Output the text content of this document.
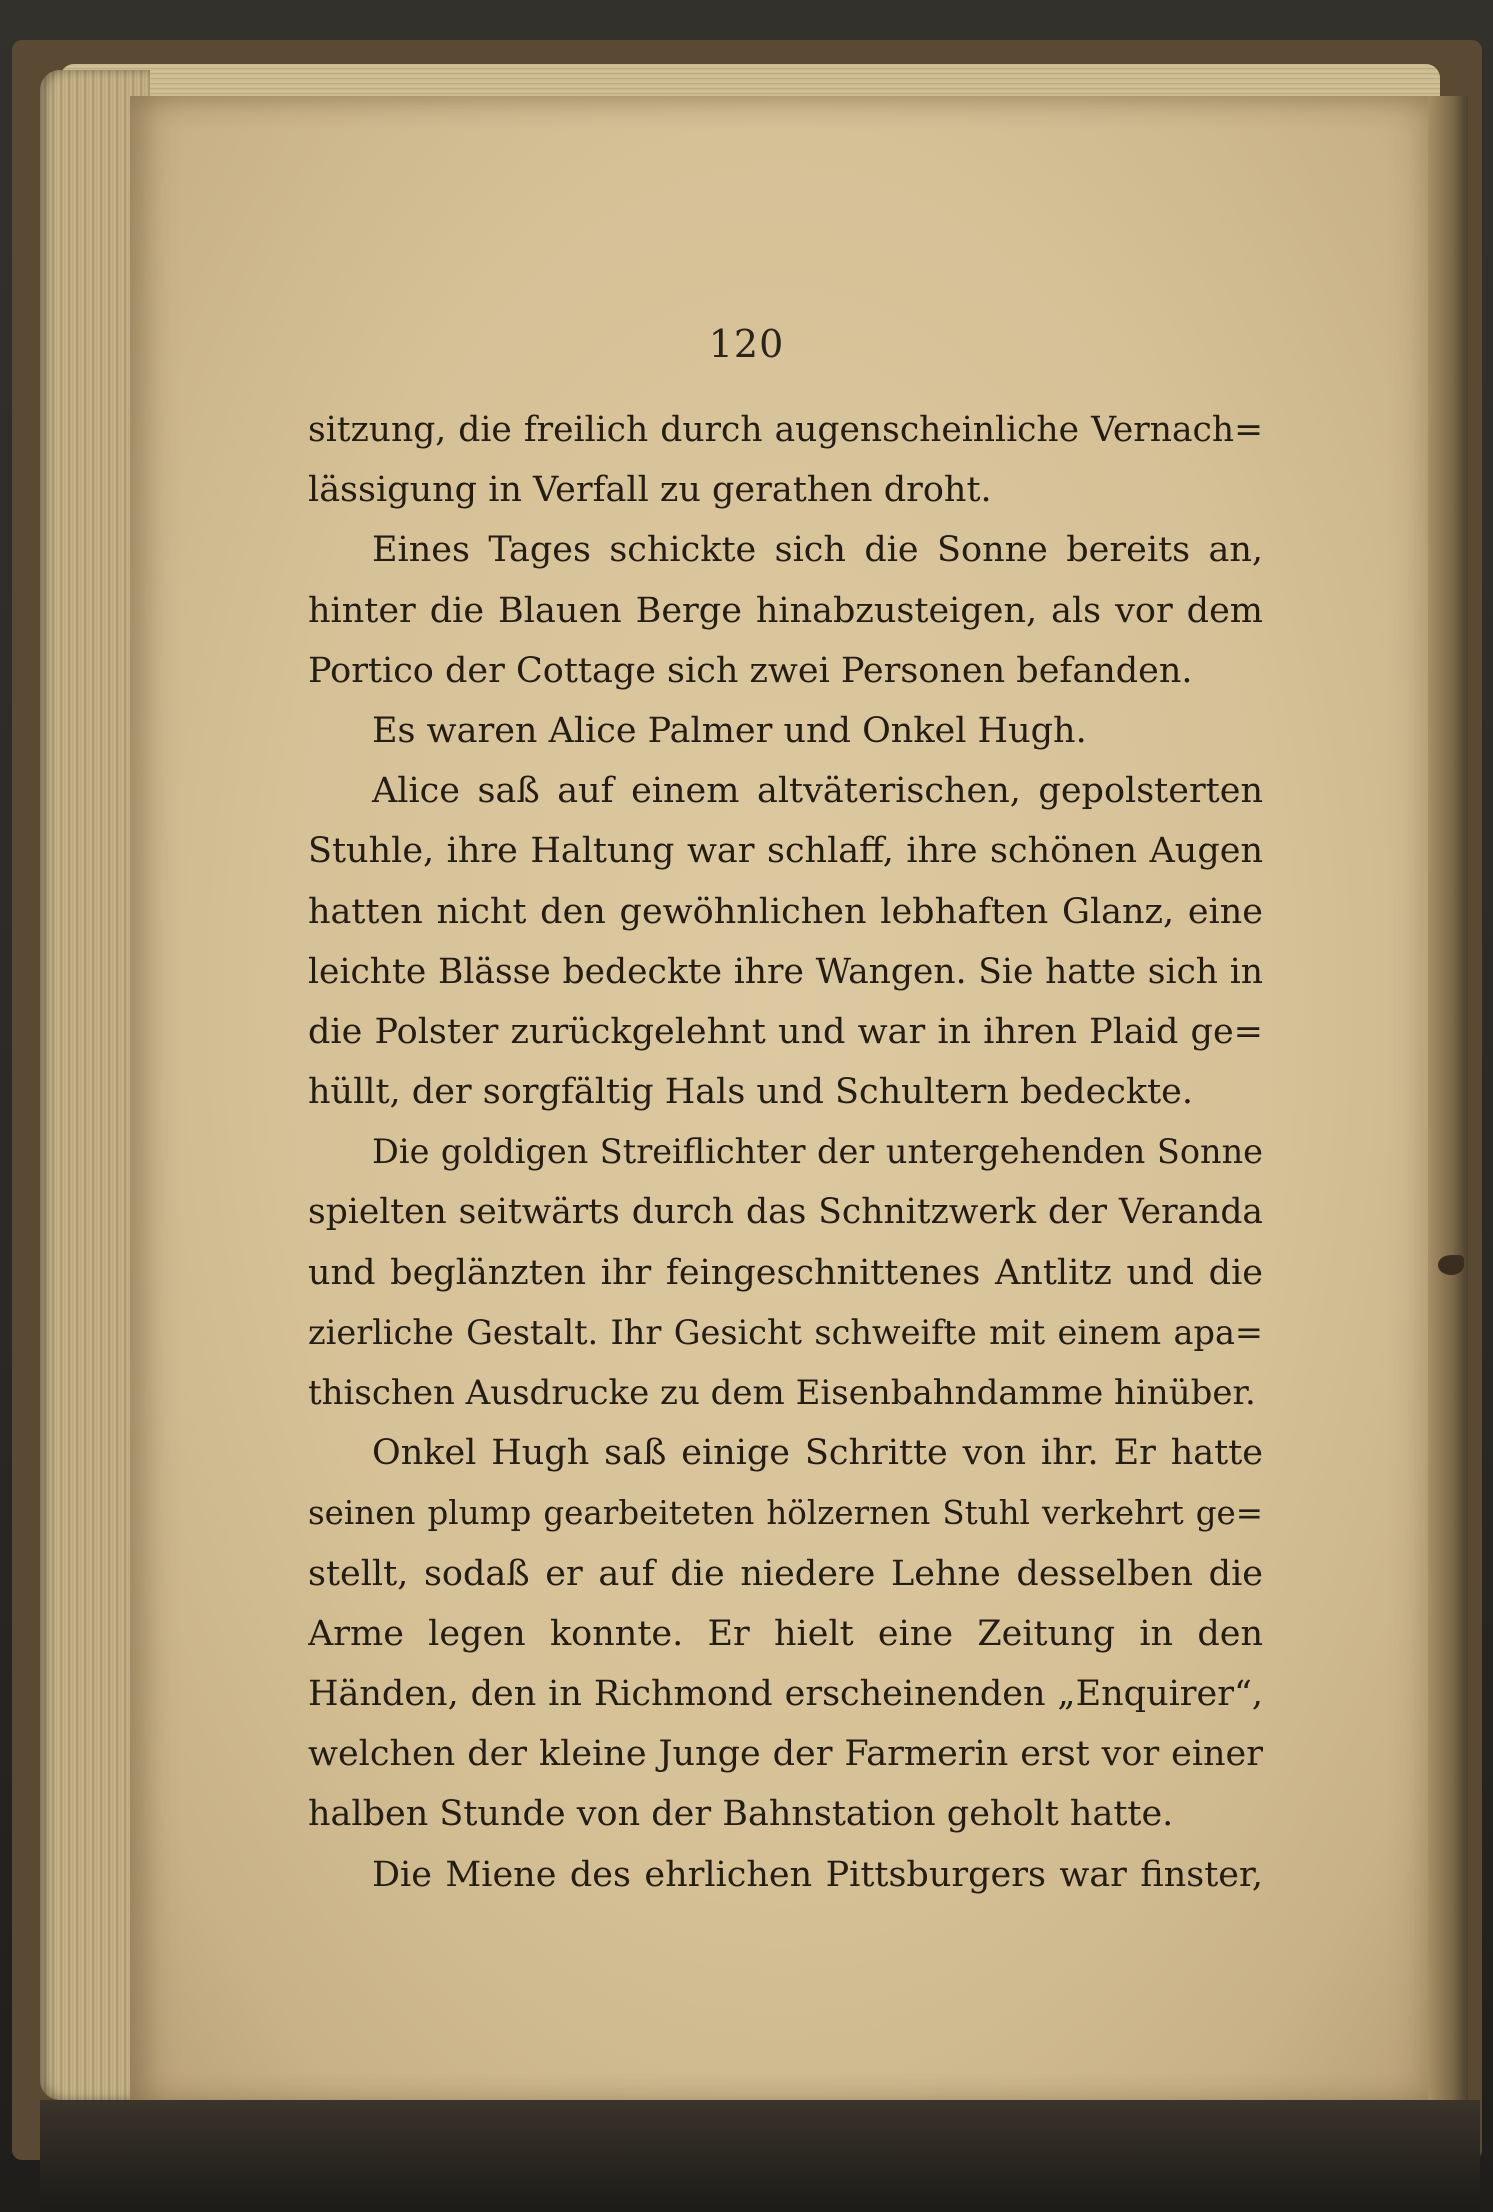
120
sitzung, die freilich durch augenscheinliche Vernach=
lässigung in Verfall zu gerathen droht.
Eines Tages schickte sich die Sonne bereits an,
hinter die Blauen Berge hinabzusteigen, als vor dem
Portico der Cottage sich zwei Personen befanden.
Es waren Alice Palmer und Onkel Hugh.
Alice saß auf einem altväterischen, gepolsterten
Stuhle, ihre Haltung war schlaff, ihre schönen Augen
hatten nicht den gewöhnlichen lebhaften Glanz, eine
leichte Blässe bedeckte ihre Wangen. Sie hatte sich in
die Polster zurückgelehnt und war in ihren Plaid ge=
hüllt, der sorgfältig Hals und Schultern bedeckte.
Die goldigen Streiflichter der untergehenden Sonne
spielten seitwärts durch das Schnitzwerk der Veranda
und beglänzten ihr feingeschnittenes Antlitz und die
zierliche Gestalt. Ihr Gesicht schweifte mit einem apa=
thischen Ausdrucke zu dem Eisenbahndamme hinüber.
Onkel Hugh saß einige Schritte von ihr. Er hatte
seinen plump gearbeiteten hölzernen Stuhl verkehrt ge=
stellt, sodaß er auf die niedere Lehne desselben die
Arme legen konnte. Er hielt eine Zeitung in den
Händen, den in Richmond erscheinenden „Enquirer“,
welchen der kleine Junge der Farmerin erst vor einer
halben Stunde von der Bahnstation geholt hatte.
Die Miene des ehrlichen Pittsburgers war finster,
